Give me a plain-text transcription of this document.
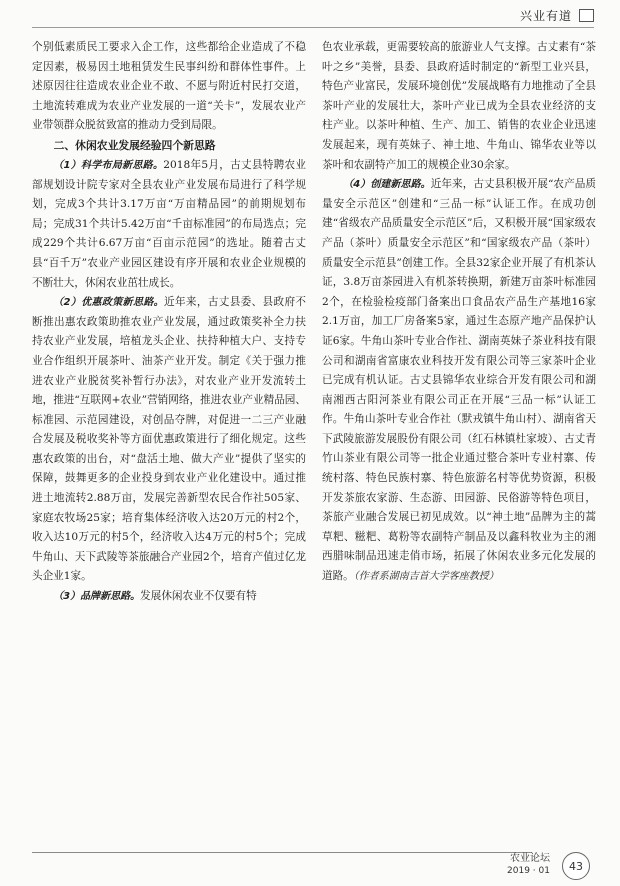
兴业有道

个别低素质民工要求入企工作，这些都给企业造成了不稳定因素，极易因土地租赁发生民事纠纷和群体性事件。上述原因往往造成农业企业不敢、不愿与附近村民打交道，土地流转难成为农业产业发展的一道“关卡”，发展农业产业带领群众脱贫致富的推动力受到局限。

二、休闲农业发展经验四个新思路

（1）科学布局新思路。2018年5月，古丈县特聘农业部规划设计院专家对全县农业产业发展布局进行了科学规划，完成3个共计3.17万亩“万亩精品园”的前期规划布局；完成31个共计5.42万亩“千亩标准园”的布局选点；完成229个共计6.67万亩“百亩示范园”的选址。随着古丈县“百千万”农业产业园区建设有序开展和农业企业规模的不断壮大，休闲农业茁壮成长。

（2）优惠政策新思路。近年来，古丈县委、县政府不断推出惠农政策助推农业产业发展，通过政策奖补全力扶持农业产业发展，培植龙头企业、扶持种植大户、支持专业合作组织开展茶叶、油茶产业开发。制定《关于强力推进农业产业脱贫奖补暂行办法》，对农业产业开发流转土地，推进“互联网+农业”营销网络，推进农业产业精品园、标准园、示范园建设，对创品夺牌，对促进一二三产业融合发展及税收奖补等方面优惠政策进行了细化规定。这些惠农政策的出台，对“盘活土地、做大产业”提供了坚实的保障，鼓舞更多的企业投身到农业产业化建设中。通过推进土地流转2.88万亩，发展完善新型农民合作社505家、家庭农牧场25家；培育集体经济收入达20万元的村2个，收入达10万元的村5个，经济收入达4万元的村5个；完成牛角山、天下武陵等茶旅融合产业园2个，培育产值过亿龙头企业1家。

（3）品牌新思路。发展休闲农业不仅要有特

色农业承载，更需要较高的旅游业人气支撑。古丈素有“茶叶之乡”美誉，县委、县政府适时制定的“新型工业兴县，特色产业富民，发展环境创优”发展战略有力地推动了全县茶叶产业的发展壮大，茶叶产业已成为全县农业经济的支柱产业。以茶叶种植、生产、加工、销售的农业企业迅速发展起来，现有英妹子、神土地、牛角山、锦华农业等以茶叶和农副特产加工的规模企业30余家。

（4）创建新思路。近年来，古丈县积极开展“农产品质量安全示范区”创建和“三品一标”认证工作。在成功创建“省级农产品质量安全示范区”后，又积极开展“国家级农产品（茶叶）质量安全示范区”和“国家级农产品（茶叶）质量安全示范县”创建工作。全县32家企业开展了有机茶认证，3.8万亩茶园进入有机茶转换期，新建万亩茶叶标准园2个，在检验检疫部门备案出口食品农产品生产基地16家2.1万亩，加工厂房备案5家，通过生态原产地产品保护认证6家。牛角山茶叶专业合作社、湖南英妹子茶业科技有限公司和湖南省富康农业科技开发有限公司等三家茶叶企业已完成有机认证。古丈县锦华农业综合开发有限公司和湖南湘西古阳河茶业有限公司正在开展“三品一标”认证工作。牛角山茶叶专业合作社（默戎镇牛角山村）、湖南省天下武陵旅游发展股份有限公司（红石林镇杜家坡）、古丈青竹山茶业有限公司等一批企业通过整合茶叶专业村寨、传统村落、特色民族村寨、特色旅游名村等优势资源，积极开发茶旅农家游、生态游、田园游、民俗游等特色项目，茶旅产业融合发展已初见成效。以“神土地”品牌为主的蒿草粑、糍粑、葛粉等农副特产制品及以鑫科牧业为主的湘西腊味制品迅速走俏市场，拓展了休闲农业多元化发展的道路。（作者系湖南吉首大学客座教授）

农业论坛
2019 · 01	43
